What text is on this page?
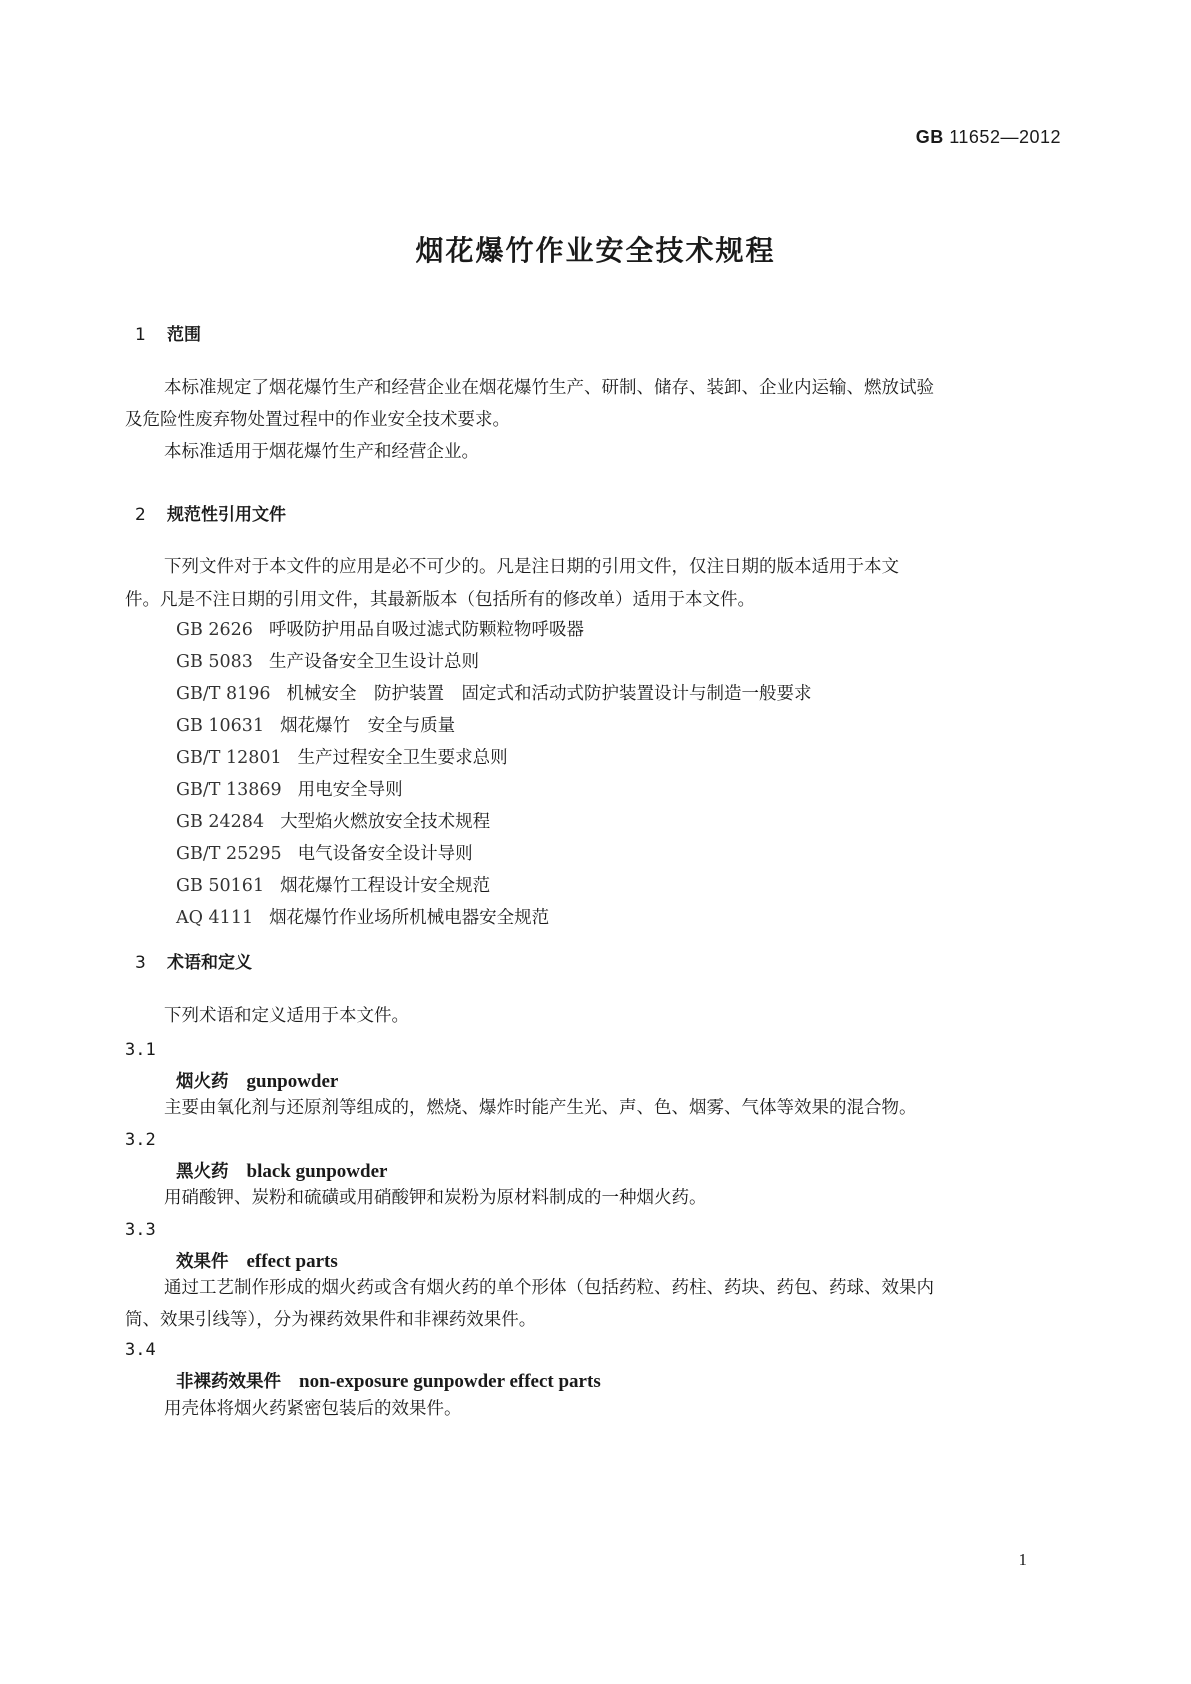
GB 11652—2012
烟花爆竹作业安全技术规程
1 范围
本标准规定了烟花爆竹生产和经营企业在烟花爆竹生产、研制、储存、装卸、企业内运输、燃放试验
及危险性废弃物处置过程中的作业安全技术要求。
本标准适用于烟花爆竹生产和经营企业。
2 规范性引用文件
下列文件对于本文件的应用是必不可少的。凡是注日期的引用文件，仅注日期的版本适用于本文
件。凡是不注日期的引用文件，其最新版本（包括所有的修改单）适用于本文件。
GB 2626 呼吸防护用品自吸过滤式防颗粒物呼吸器
GB 5083 生产设备安全卫生设计总则
GB/T 8196 机械安全　防护装置　固定式和活动式防护装置设计与制造一般要求
GB 10631 烟花爆竹　安全与质量
GB/T 12801 生产过程安全卫生要求总则
GB/T 13869 用电安全导则
GB 24284 大型焰火燃放安全技术规程
GB/T 25295 电气设备安全设计导则
GB 50161 烟花爆竹工程设计安全规范
AQ 4111 烟花爆竹作业场所机械电器安全规范
3 术语和定义
下列术语和定义适用于本文件。
3.1
烟火药 gunpowder
主要由氧化剂与还原剂等组成的，燃烧、爆炸时能产生光、声、色、烟雾、气体等效果的混合物。
3.2
黑火药 black gunpowder
用硝酸钾、炭粉和硫磺或用硝酸钾和炭粉为原材料制成的一种烟火药。
3.3
效果件 effect parts
通过工艺制作形成的烟火药或含有烟火药的单个形体（包括药粒、药柱、药块、药包、药球、效果内
筒、效果引线等），分为裸药效果件和非裸药效果件。
3.4
非裸药效果件 non-exposure gunpowder effect parts
用壳体将烟火药紧密包装后的效果件。
1
